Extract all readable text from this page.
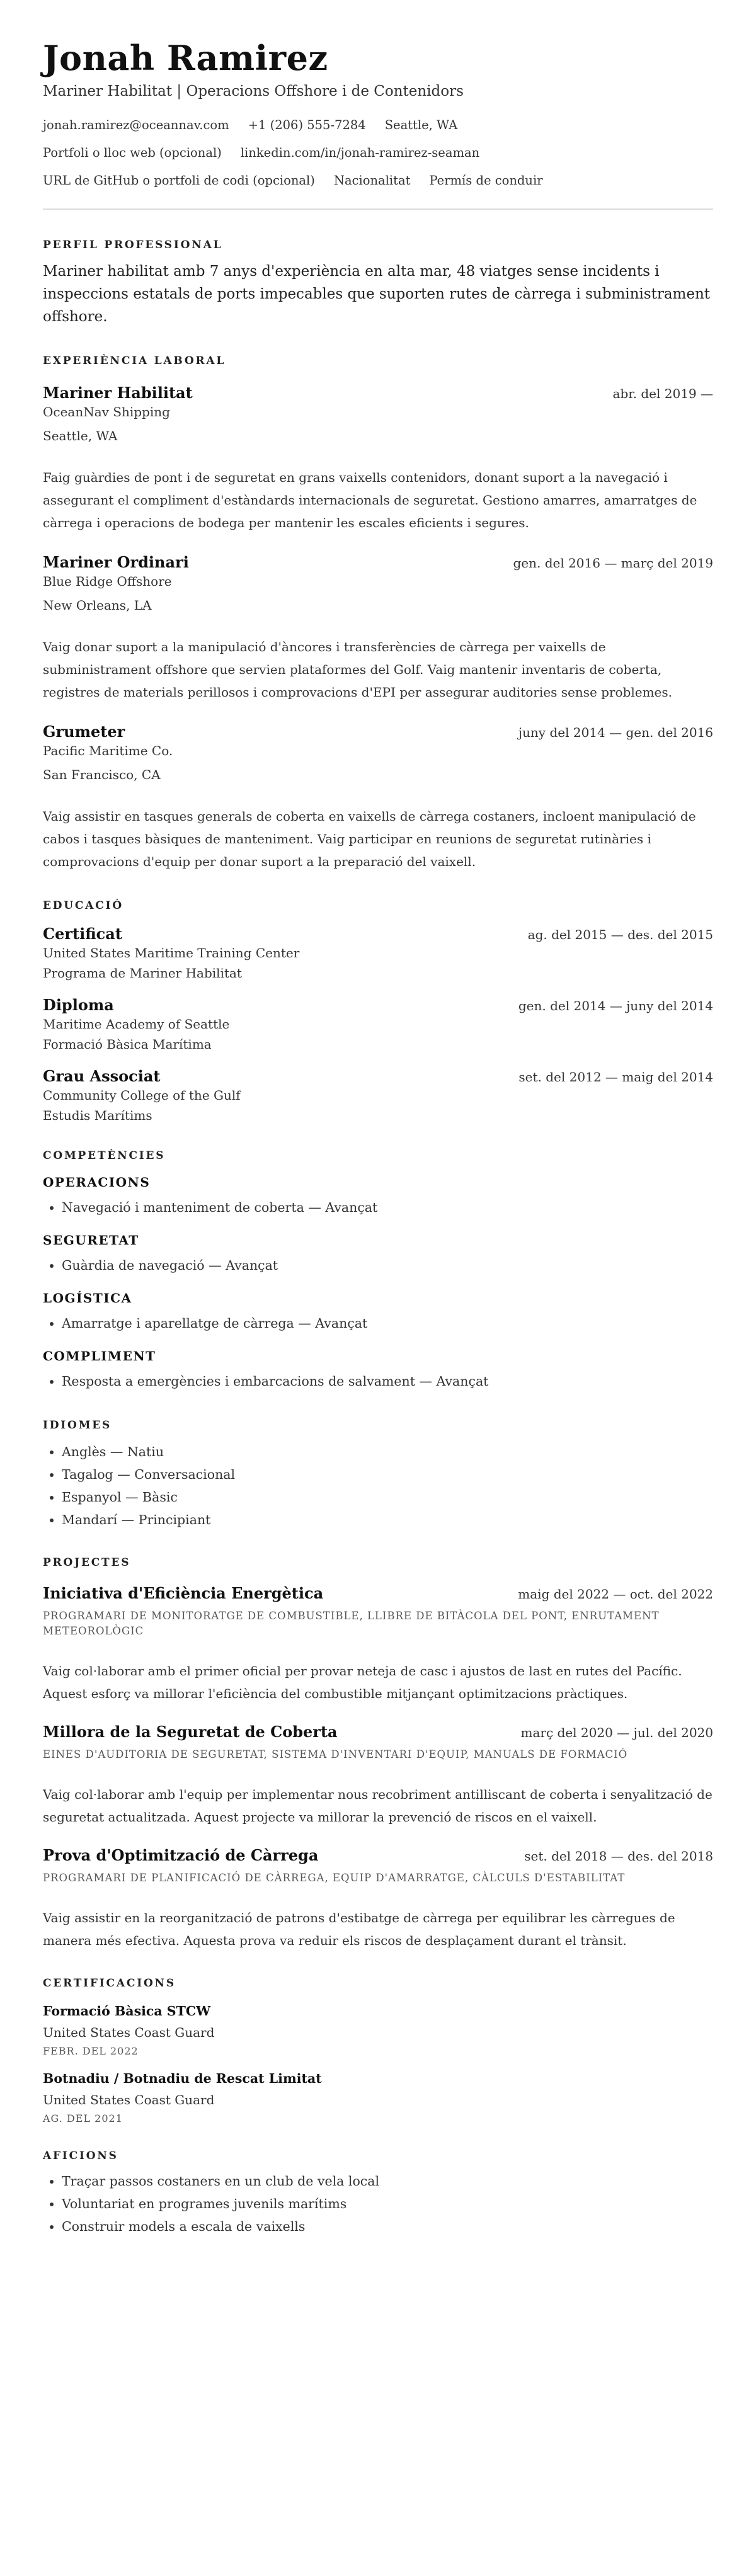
Jonah Ramirez
Mariner Habilitat | Operacions Offshore i de Contenidors
jonah.ramirez@oceannav.com +1 (206) 555-7284 Seattle, WA
Portfoli o lloc web (opcional) linkedin.com/in/jonah-ramirez-seaman
URL de GitHub o portfoli de codi (opcional) Nacionalitat Permís de conduir
PERFIL PROFESSIONAL
Mariner habilitat amb 7 anys d'experiència en alta mar, 48 viatges sense incidents i inspeccions estatals de ports impecables que suporten rutes de càrrega i subministrament offshore.
EXPERIÈNCIA LABORAL
Mariner Habilitat	abr. del 2019 —
OceanNav Shipping
Seattle, WA
Faig guàrdies de pont i de seguretat en grans vaixells contenidors, donant suport a la navegació i assegurant el compliment d'estàndards internacionals de seguretat. Gestiono amarres, amarratges de càrrega i operacions de bodega per mantenir les escales eficients i segures.
Mariner Ordinari	gen. del 2016 — març del 2019
Blue Ridge Offshore
New Orleans, LA
Vaig donar suport a la manipulació d'àncores i transferències de càrrega per vaixells de subministrament offshore que servien plataformes del Golf. Vaig mantenir inventaris de coberta, registres de materials perillosos i comprovacions d'EPI per assegurar auditories sense problemes.
Grumeter	juny del 2014 — gen. del 2016
Pacific Maritime Co.
San Francisco, CA
Vaig assistir en tasques generals de coberta en vaixells de càrrega costaners, incloent manipulació de cabos i tasques bàsiques de manteniment. Vaig participar en reunions de seguretat rutinàries i comprovacions d'equip per donar suport a la preparació del vaixell.
EDUCACIÓ
Certificat	ag. del 2015 — des. del 2015
United States Maritime Training Center
Programa de Mariner Habilitat
Diploma	gen. del 2014 — juny del 2014
Maritime Academy of Seattle
Formació Bàsica Marítima
Grau Associat	set. del 2012 — maig del 2014
Community College of the Gulf
Estudis Marítims
COMPETÈNCIES
OPERACIONS
• Navegació i manteniment de coberta — Avançat
SEGURETAT
• Guàrdia de navegació — Avançat
LOGÍSTICA
• Amarratge i aparellatge de càrrega — Avançat
COMPLIMENT
• Resposta a emergències i embarcacions de salvament — Avançat
IDIOMES
• Anglès — Natiu
• Tagalog — Conversacional
• Espanyol — Bàsic
• Mandarí — Principiant
PROJECTES
Iniciativa d'Eficiència Energètica	maig del 2022 — oct. del 2022
PROGRAMARI DE MONITORATGE DE COMBUSTIBLE, LLIBRE DE BITÀCOLA DEL PONT, ENRUTAMENT METEOROLÒGIC
Vaig col·laborar amb el primer oficial per provar neteja de casc i ajustos de last en rutes del Pacífic. Aquest esforç va millorar l'eficiència del combustible mitjançant optimitzacions pràctiques.
Millora de la Seguretat de Coberta	març del 2020 — jul. del 2020
EINES D'AUDITORIA DE SEGURETAT, SISTEMA D'INVENTARI D'EQUIP, MANUALS DE FORMACIÓ
Vaig col·laborar amb l'equip per implementar nous recobriment antilliscant de coberta i senyalització de seguretat actualitzada. Aquest projecte va millorar la prevenció de riscos en el vaixell.
Prova d'Optimització de Càrrega	set. del 2018 — des. del 2018
PROGRAMARI DE PLANIFICACIÓ DE CÀRREGA, EQUIP D'AMARRATGE, CÀLCULS D'ESTABILITAT
Vaig assistir en la reorganització de patrons d'estibatge de càrrega per equilibrar les càrregues de manera més efectiva. Aquesta prova va reduir els riscos de desplaçament durant el trànsit.
CERTIFICACIONS
Formació Bàsica STCW
United States Coast Guard
FEBR. DEL 2022
Botnadiu / Botnadiu de Rescat Limitat
United States Coast Guard
AG. DEL 2021
AFICIONS
• Traçar passos costaners en un club de vela local
• Voluntariat en programes juvenils marítims
• Construir models a escala de vaixells
